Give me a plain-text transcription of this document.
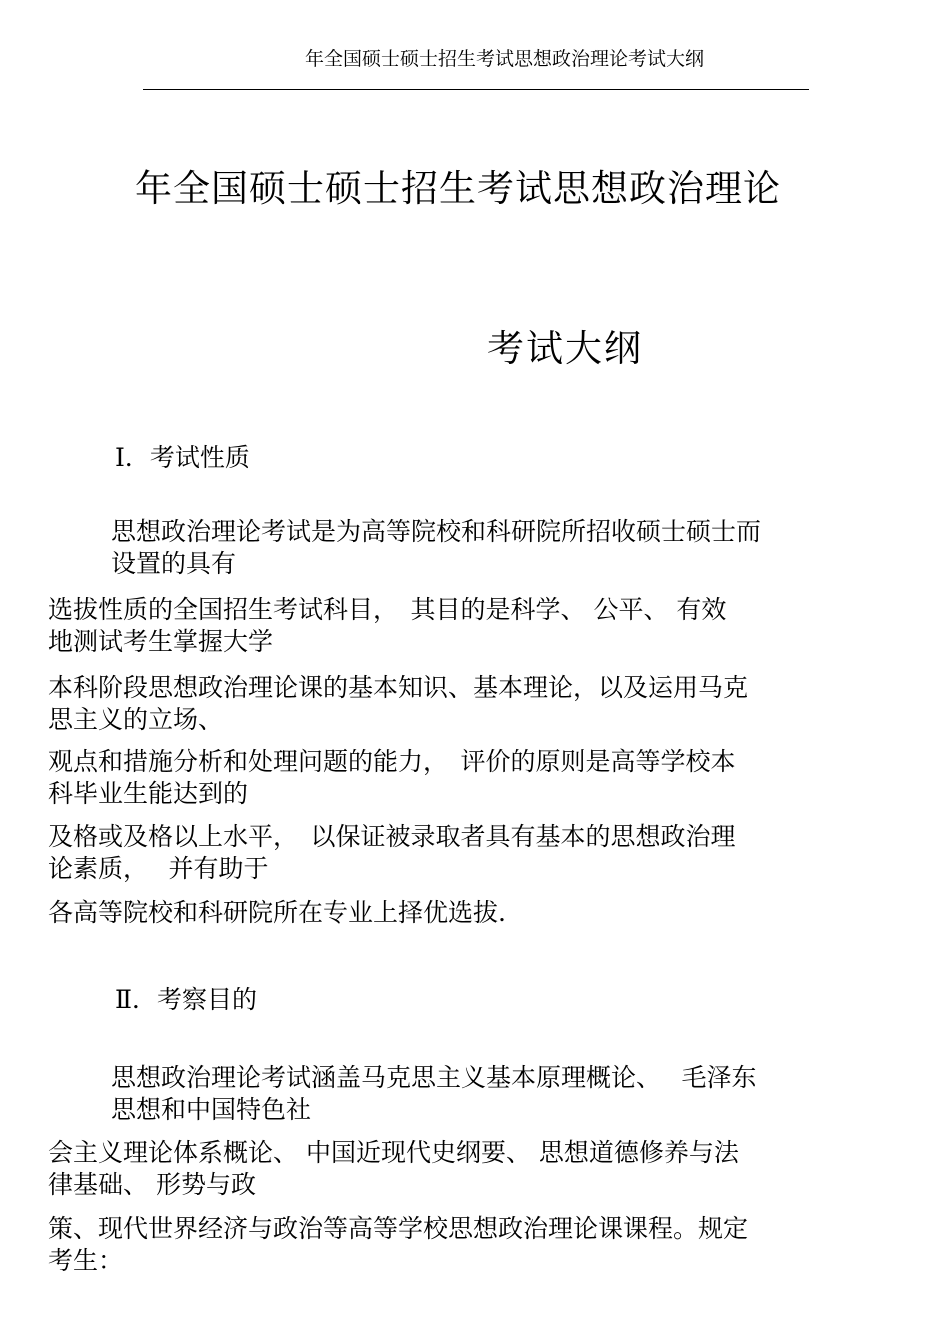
年全国硕士硕士招生考试思想政治理论考试大纲
年全国硕士硕士招生考试思想政治理论
考试大纲
Ⅰ．考试性质
思想政治理论考试是为高等院校和科研院所招收硕士硕士而
设置的具有
选拔性质的全国招生考试科目，　其目的是科学、 公平、 有效
地测试考生掌握大学
本科阶段思想政治理论课的基本知识、基本理论，以及运用马克
思主义的立场、
观点和措施分析和处理问题的能力，　评价的原则是高等学校本
科毕业生能达到的
及格或及格以上水平，　以保证被录取者具有基本的思想政治理
论素质，　 并有助于
各高等院校和科研院所在专业上择优选拔.
Ⅱ．考察目的
思想政治理论考试涵盖马克思主义基本原理概论、　 毛泽东
思想和中国特色社
会主义理论体系概论、 中国近现代史纲要、 思想道德修养与法
律基础、 形势与政
策、现代世界经济与政治等高等学校思想政治理论课课程。规定
考生：
